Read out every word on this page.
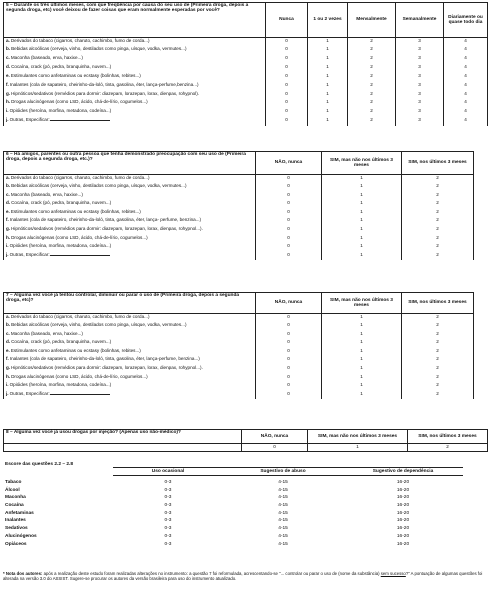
5 – Durante os três últimos meses, com que freqüência por causa do seu uso de (Primeira droga, depois a segunda droga, etc) você deixou de fazer coisas que eram normalmente esperadas por você?	Nunca	1 ou 2 vezes	Mensalmente	Semanalmente	Diariamente ou quase todo dia
a.Derivados do tabaco (cigarros, charuto, cachimbo, fumo de corda...)	0	1	2	3	4
b.Bebidas alcoólicas (cerveja, vinho, destilados como pinga, uísque, vodka, vermutes...)	0	1	2	3	4
c.Maconha (baseado, erva, haxixe...)	0	1	2	3	4
d.Cocaína, crack (pó, pedra, branquinha, nuvem...)	0	1	2	3	4
e.Estimulantes como anfetaminas ou ecstasy (bolinhas, rebites...)	0	1	2	3	4
f.Inalantes (cola de sapateiro, cheirinho-da-loló, tinta, gasolina, éter, lança-perfume,benzina...)	0	1	2	3	4
g.Hipnóticos/sedativos (remédios para dormir: diazepam, lorazepan, lorax, dienpax, rohypnol).	0	1	2	3	4
h.Drogas alucinógenas (como LSD, ácido, chá-de-lírio, cogumelos...)	0	1	2	3	4
i.Opióides (heroína, morfina, metadona, codeína...)	0	1	2	3	4
j.Outras, Especificar:	0	1	2	3	4
6 – Há amigos, parentes ou outra pessoa que tenha demonstrado preocupação com seu uso de (Primeira droga, depois a segunda droga, etc.)?	NÃO, nunca	SIM, mas não nos últimos 3 meses	SIM, nos últimos 3 meses
a.Derivados do tabaco (cigarros, charuto, cachimbo, fumo de corda...)	0	1	2
b.Bebidas alcoólicas (cerveja, vinho, destilados como pinga, uísque, vodka, vermutes...)	0	1	2
c.Maconha (baseado, erva, haxixe...)	0	1	2
d.Cocaína, crack (pó, pedra, branquinha, nuvem...)	0	1	2
e.Estimulantes como anfetaminas ou ecstasy (bolinhas, rebites...)	0	1	2
f.Inalantes (cola de sapateiro, cheirinho-da-loló, tinta, gasolina, éter, lança- perfume, benzina...)	0	1	2
g.Hipnóticos/sedativos (remédios para dormir: diazepam, lorazepan, lorax, dienpax, rohypnol...).	0	1	2
h.Drogas alucinógenas (como LSD, ácido, chá-de-lírio, cogumelos...)	0	1	2
i.Opióides (heroína, morfina, metadona, codeína...)	0	1	2
j.Outras, Especificar:	0	1	2
7 – Alguma vez você já tentou controlar, diminuir ou parar o uso de (Primeira droga, depois a segunda droga, etc)?	NÃO, nunca	SIM, mas não nos últimos 3 meses	SIM, nos últimos 3 meses
a.Derivados do tabaco (cigarros, charuto, cachimbo, fumo de corda...)	0	1	2
b.Bebidas alcoólicas (cerveja, vinho, destilados como pinga, uísque, vodka, vermutes...)	0	1	2
c.Maconha (baseado, erva, haxixe...)	0	1	2
d.Cocaína, crack (pó, pedra, branquinha, nuvem...)	0	1	2
e.Estimulantes como anfetaminas ou ecstasy (bolinhas, rebites...)	0	1	2
f.Inalantes (cola de sapateiro, cheirinho-da-loló, tinta, gasolina, éter, lança-perfume, benzina...)	0	1	2
g.Hipnóticos/sedativos (remédios para dormir: diazepam, lorazepan, lorax, dienpax, rohypnol...).	0	1	2
h.Drogas alucinógenas (como LSD, ácido, chá-de-lírio, cogumelos...)	0	1	2
i.Opióides (heroína, morfina, metadona, codeína...)	0	1	2
j.Outras, Especificar:	0	1	2
8 – Alguma vez você já usou drogas por injeção? (Apenas uso não-médico)?	NÃO, nunca	SIM, mas não nos últimos 3 meses	SIM, nos últimos 3 meses
	0	1	2
Escore das questões 2.2 – 2.8			
	Uso ocasional	Sugestivo de abuso	Sugestivo de dependência

Tabaco	0-3	4-15	16-20
Álcool	0-3	4-15	16-20
Maconha	0-3	4-15	16-20
Cocaína	0-3	4-15	16-20
Anfetaminas	0-3	4-15	16-20
Inalantes	0-3	4-15	16-20
Sedativos	0-3	4-15	16-20
Alucinógenos	0-3	4-15	16-20
Opiáceos	0-3	4-15	16-20
* Nota dos autores: após a realização deste estudo foram realizadas alterações no instrumento: a questão 7 foi reformulada, acrescentando-se "... controlar ou parar o uso de (nome da substância) sem sucesso?" A pontuação de algumas questões foi alterada na versão 3.0 do ASSIST. Sugere-se procurar os autores da versão brasileira para uso do instrumento atualizado.
